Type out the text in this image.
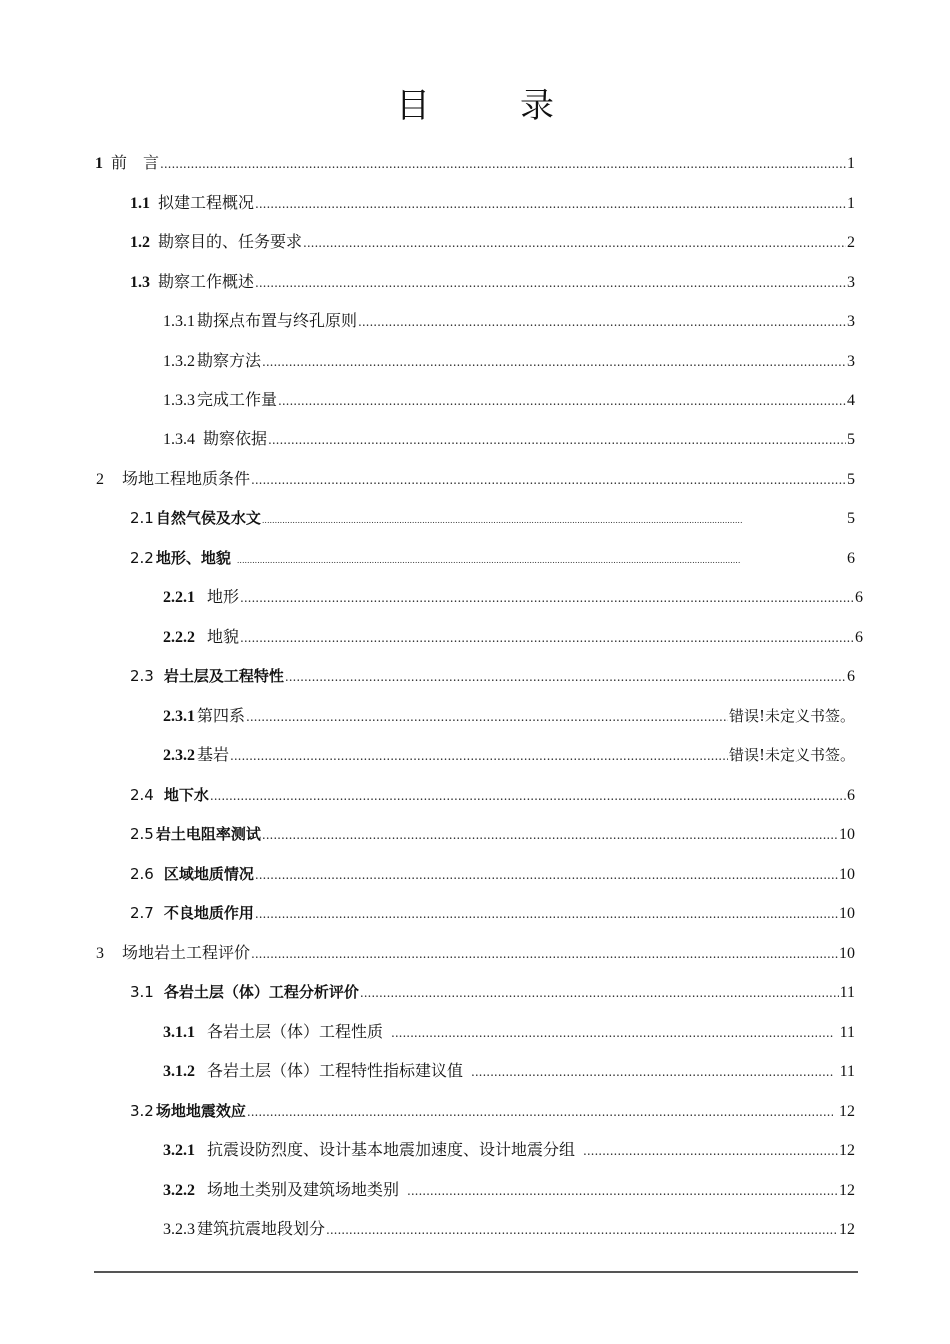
目　录
1 前　言 .....	1
1.1 拟建工程概况 .....	1
1.2 勘察目的、任务要求 .....	2
1.3 勘察工作概述 .....	3
1.3.1 勘探点布置与终孔原则 .....	3
1.3.2 勘察方法 .....	3
1.3.3 完成工作量 .....	4
1.3.4 勘察依据 .....	5
2 场地工程地质条件 .....	5
2.1 自然气侯及水文 .....	5
2.2 地形、地貌 .....	6
2.2.1 地形 .....	6
2.2.2 地貌 .....	6
2.3 岩土层及工程特性 .....	6
2.3.1 第四系 .....	错误!未定义书签。
2.3.2 基岩 .....	错误!未定义书签。
2.4 地下水 .....	6
2.5 岩土电阻率测试 .....	10
2.6 区域地质情况 .....	10
2.7 不良地质作用 .....	10
3 场地岩土工程评价 .....	10
3.1 各岩土层（体）工程分析评价 .....	11
3.1.1 各岩土层（体）工程性质 .....	11
3.1.2 各岩土层（体）工程特性指标建议值 .....	11
3.2 场地地震效应 .....	12
3.2.1 抗震设防烈度、设计基本地震加速度、设计地震分组 .....	12
3.2.2 场地土类别及建筑场地类别 .....	12
3.2.3 建筑抗震地段划分 .....	12
